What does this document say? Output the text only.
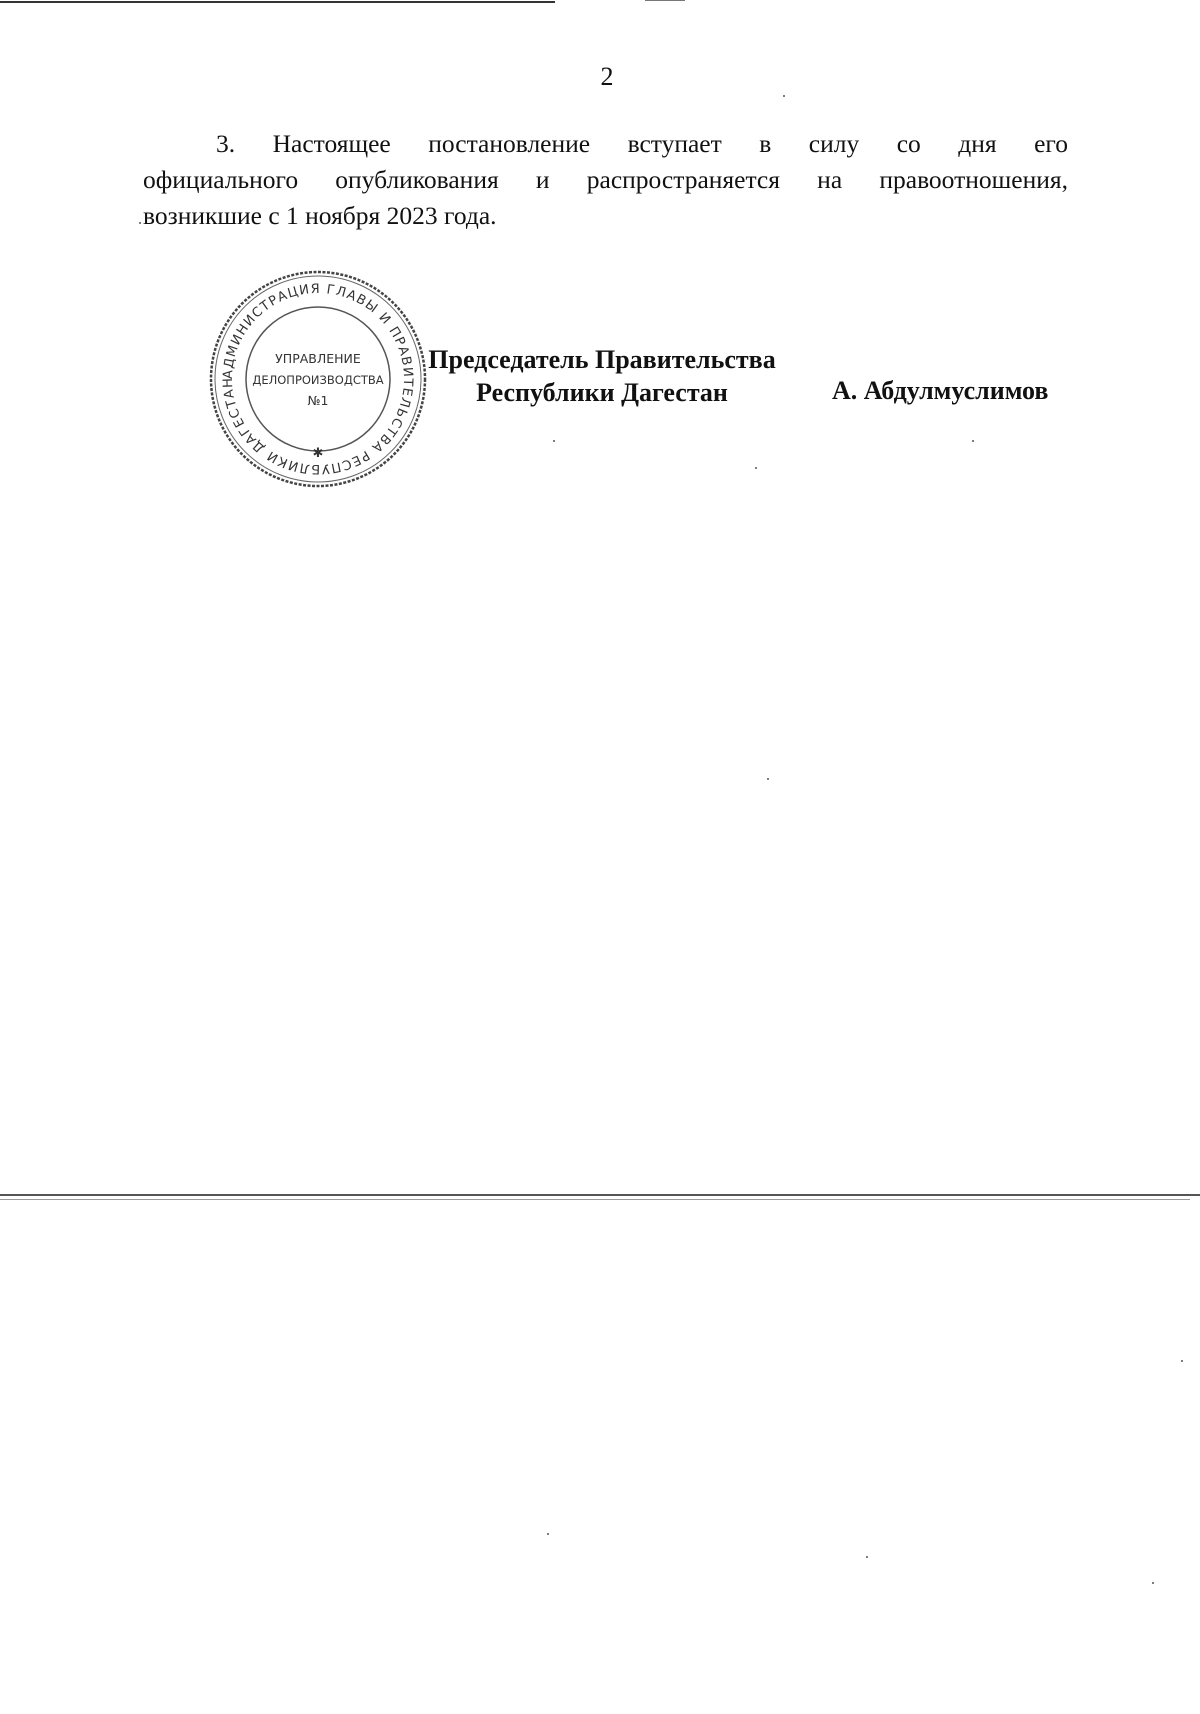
2
3. Настоящее постановление вступает в силу со дня его
официального опубликования и распространяется на правоотношения,
возникшие с 1 ноября 2023 года.
АДМИНИСТРАЦИЯ ГЛАВЫ И ПРАВИТЕЛЬСТВА РЕСПУБЛИКИ ДАГЕСТАН
✱
УПРАВЛЕНИЕ
ДЕЛОПРОИЗВОДСТВА
№1
Председатель Правительства
Республики Дагестан	А. Абдулмуслимов
